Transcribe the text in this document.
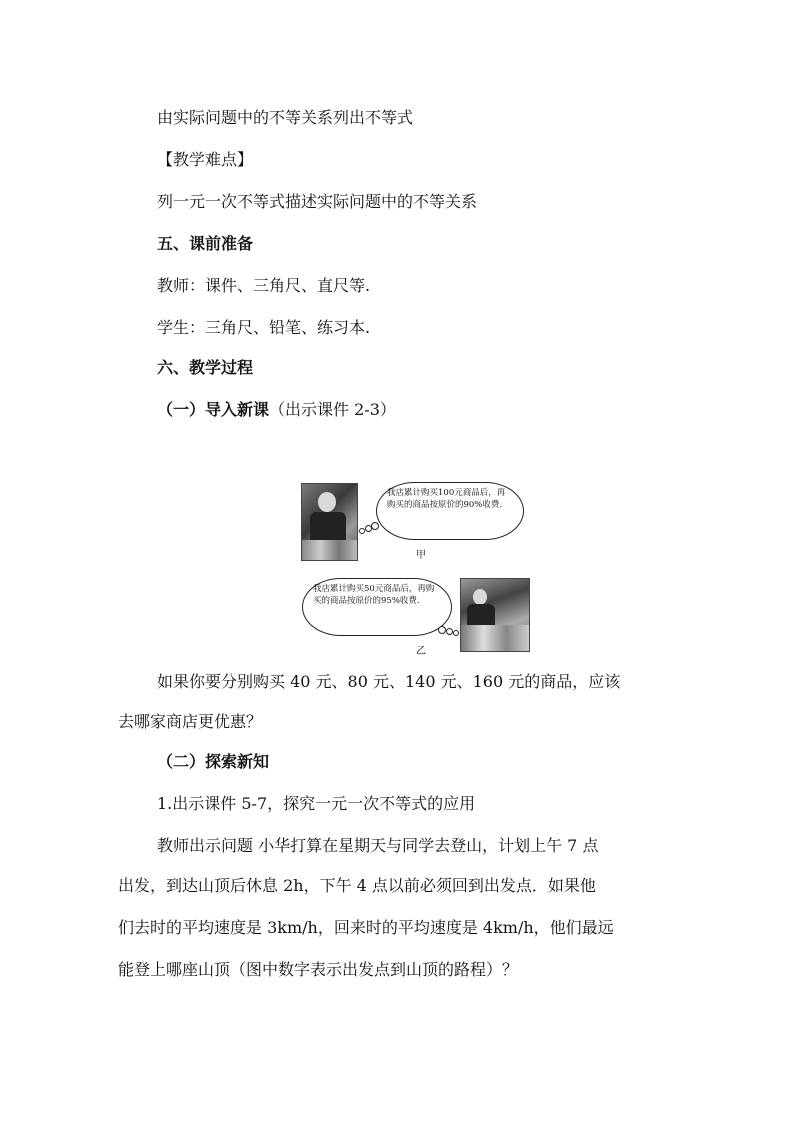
由实际问题中的不等关系列出不等式
【教学难点】
列一元一次不等式描述实际问题中的不等关系
五、课前准备
教师：课件、三角尺、直尺等.
学生：三角尺、铅笔、练习本.
六、教学过程
（一）导入新课（出示课件 2-3）
我店累计购买100元商品后，再购买的商品按原价的90%收费.
甲
我店累计购买50元商品后，再购买的商品按原价的95%收费.
乙
如果你要分别购买 40 元、80 元、140 元、160 元的商品，应该
去哪家商店更优惠？
（二）探索新知
1.出示课件 5-7，探究一元一次不等式的应用
教师出示问题 小华打算在星期天与同学去登山，计划上午 7 点
出发，到达山顶后休息 2h，下午 4 点以前必须回到出发点．如果他
们去时的平均速度是 3km/h，回来时的平均速度是 4km/h，他们最远
能登上哪座山顶（图中数字表示出发点到山顶的路程）？
